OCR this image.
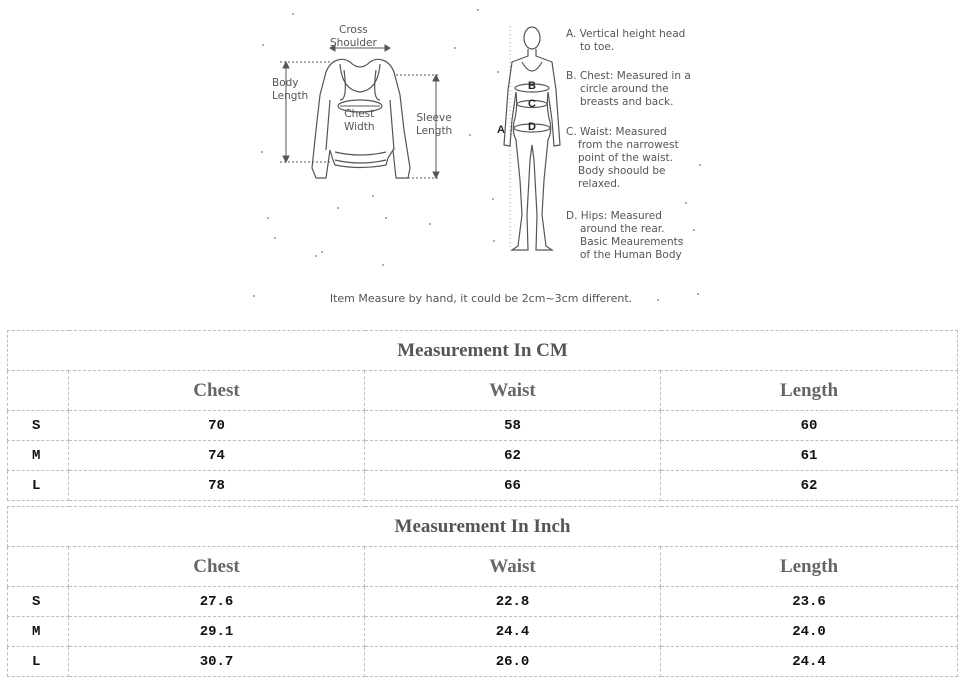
Cross
Shoulder
Body
Length
Chest
Width
Sleeve
Length	A
B
C
D
A. Vertical height head
to toe.
B. Chest: Measured in a
circle around the
breasts and back.
C. Waist: Measured
from the narrowest
point of the waist.
Body shoould be
relaxed.
D. Hips: Measured
around the rear.
Basic Meaurements
of the Human Body
Item Measure by hand, it could be 2cm~3cm different.
Measurement In CM			
	Chest	Waist	Length
S	70	58	60
M	74	62	61
L	78	66	62
Measurement In Inch			
	Chest	Waist	Length
S	27.6	22.8	23.6
M	29.1	24.4	24.0
L	30.7	26.0	24.4
